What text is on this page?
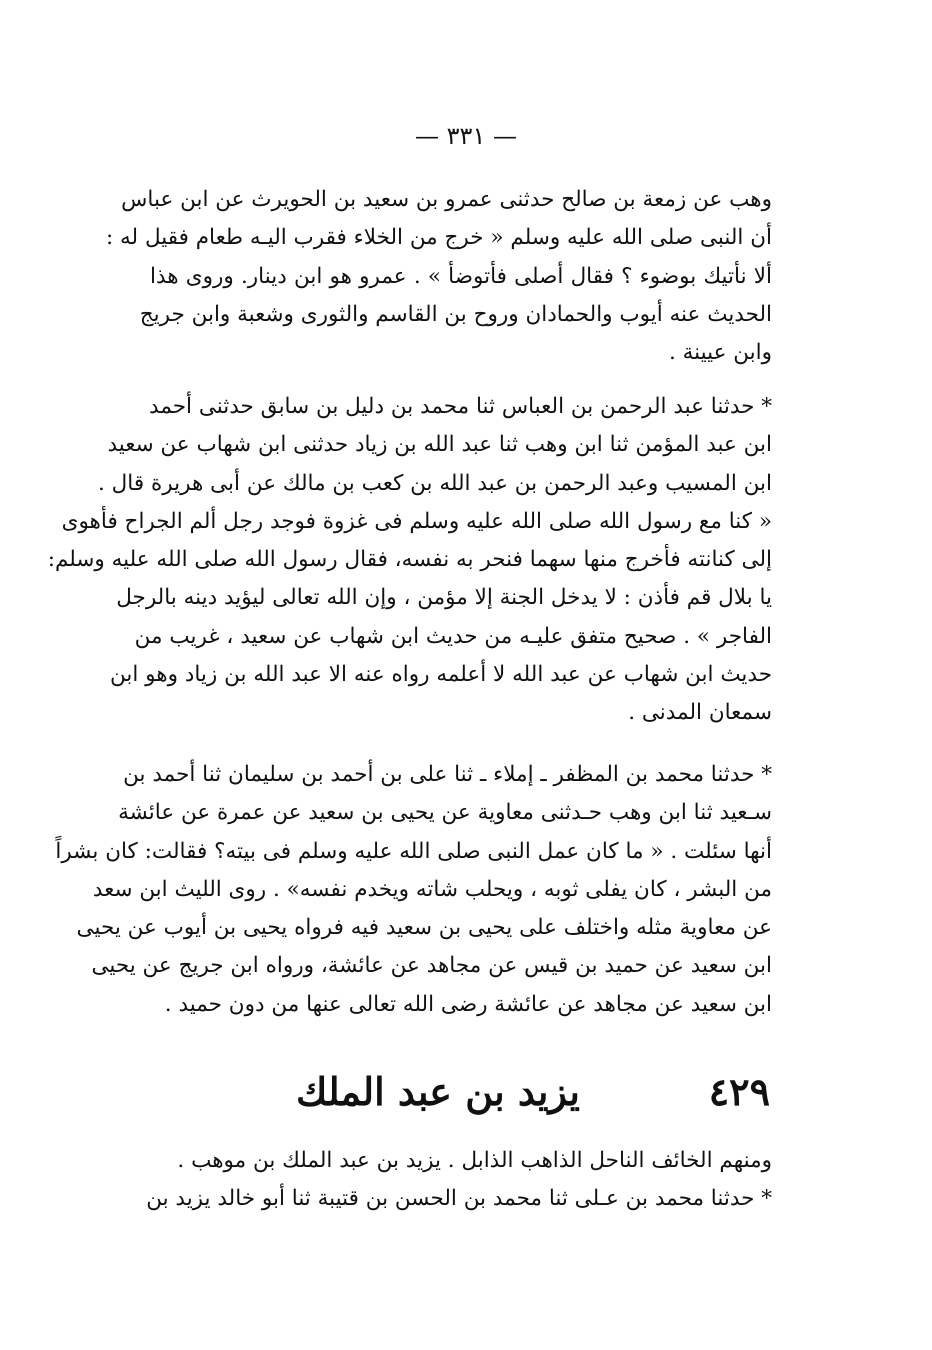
— ٣٣١ —
وهب عن زمعة بن صالح حدثنى عمرو بن سعيد بن الحويرث عن ابن عباس
أن النبى صلى الله عليه وسلم « خرج من الخلاء فقرب اليـه طعام فقيل له :
ألا نأتيك بوضوء ؟ فقال أصلى فأتوضأ » . عمرو هو ابن دينار. وروى هذا
الحديث عنه أيوب والحمادان وروح بن القاسم والثورى وشعبة وابن جريج
وابن عيينة .
* حدثنا عبد الرحمن بن العباس ثنا محمد بن دليل بن سابق حدثنى أحمد
ابن عبد المؤمن ثنا ابن وهب ثنا عبد الله بن زياد حدثنى ابن شهاب عن سعيد
ابن المسيب وعبد الرحمن بن عبد الله بن كعب بن مالك عن أبى هريرة قال .
« كنا مع رسول الله صلى الله عليه وسلم فى غزوة فوجد رجل ألم الجراح فأهوى
إلى كنانته فأخرج منها سهما فنحر به نفسه، فقال رسول الله صلى الله عليه وسلم:
يا بلال قم فأذن : لا يدخل الجنة إلا مؤمن ، وإن الله تعالى ليؤيد دينه بالرجل
الفاجر » . صحيح متفق عليـه من حديث ابن شهاب عن سعيد ، غريب من
حديث ابن شهاب عن عبد الله لا أعلمه رواه عنه الا عبد الله بن زياد وهو ابن
سمعان المدنى .
* حدثنا محمد بن المظفر ـ إملاء ـ ثنا على بن أحمد بن سليمان ثنا أحمد بن
سـعيد ثنا ابن وهب حـدثنى معاوية عن يحيى بن سعيد عن عمرة عن عائشة
أنها سئلت . « ما كان عمل النبى صلى الله عليه وسلم فى بيته؟ فقالت: كان بشراً
من البشر ، كان يفلى ثوبه ، ويحلب شاته ويخدم نفسه» . روى الليث ابن سعد
عن معاوية مثله واختلف على يحيى بن سعيد فيه فرواه يحيى بن أيوب عن يحيى
ابن سعيد عن حميد بن قيس عن مجاهد عن عائشة، ورواه ابن جريج عن يحيى
ابن سعيد عن مجاهد عن عائشة رضى الله تعالى عنها من دون حميد .
٤٢٩
يزيد بن عبد الملك
ومنهم الخائف الناحل الذاهب الذابل . يزيد بن عبد الملك بن موهب .
* حدثنا محمد بن عـلى ثنا محمد بن الحسن بن قتيبة ثنا أبو خالد يزيد بن
